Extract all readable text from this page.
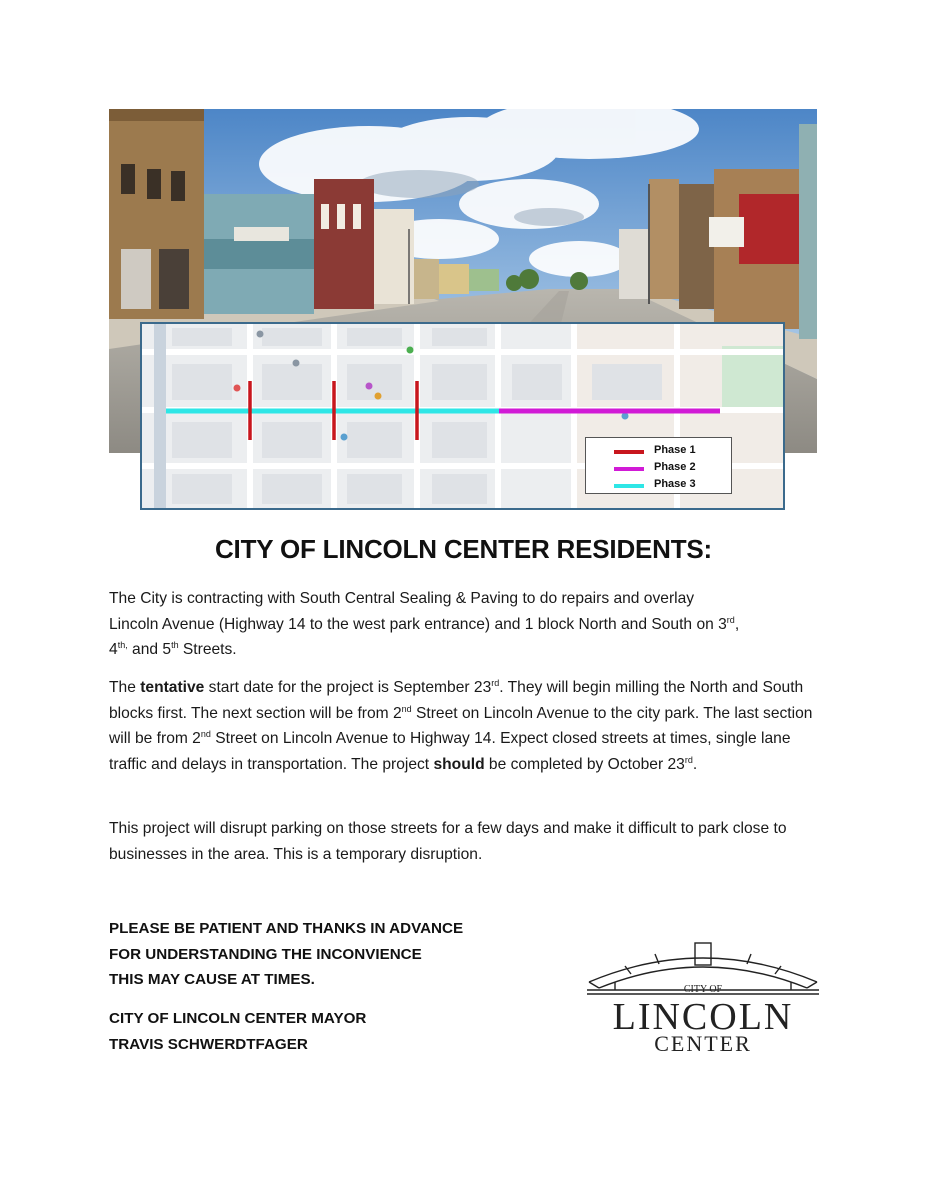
Phase 1
Phase 2
Phase 3
CITY OF LINCOLN CENTER RESIDENTS:

The City is contracting with South Central Sealing & Paving to do repairs and overlay
Lincoln Avenue (Highway 14 to the west park entrance) and 1 block North and South on 3rd,
$4^{th,}$ and 5th Streets.

The tentative start date for the project is September 23rd. They will begin milling the North and South blocks first. The next section will be from 2nd Street on Lincoln Avenue to the city park. The last section will be from 2nd Street on Lincoln Avenue to Highway 14. Expect closed streets at times, single lane traffic and delays in transportation. The project should be completed by October 23rd.

This project will disrupt parking on those streets for a few days and make it difficult to park close to businesses in the area. This is a temporary disruption.

PLEASE BE PATIENT AND THANKS IN ADVANCE
FOR UNDERSTANDING THE INCONVIENCE
THIS MAY CAUSE AT TIMES.
CITY OF LINCOLN CENTER MAYOR
TRAVIS SCHWERDTFAGER
CITY OF
LINCOLN
CENTER
